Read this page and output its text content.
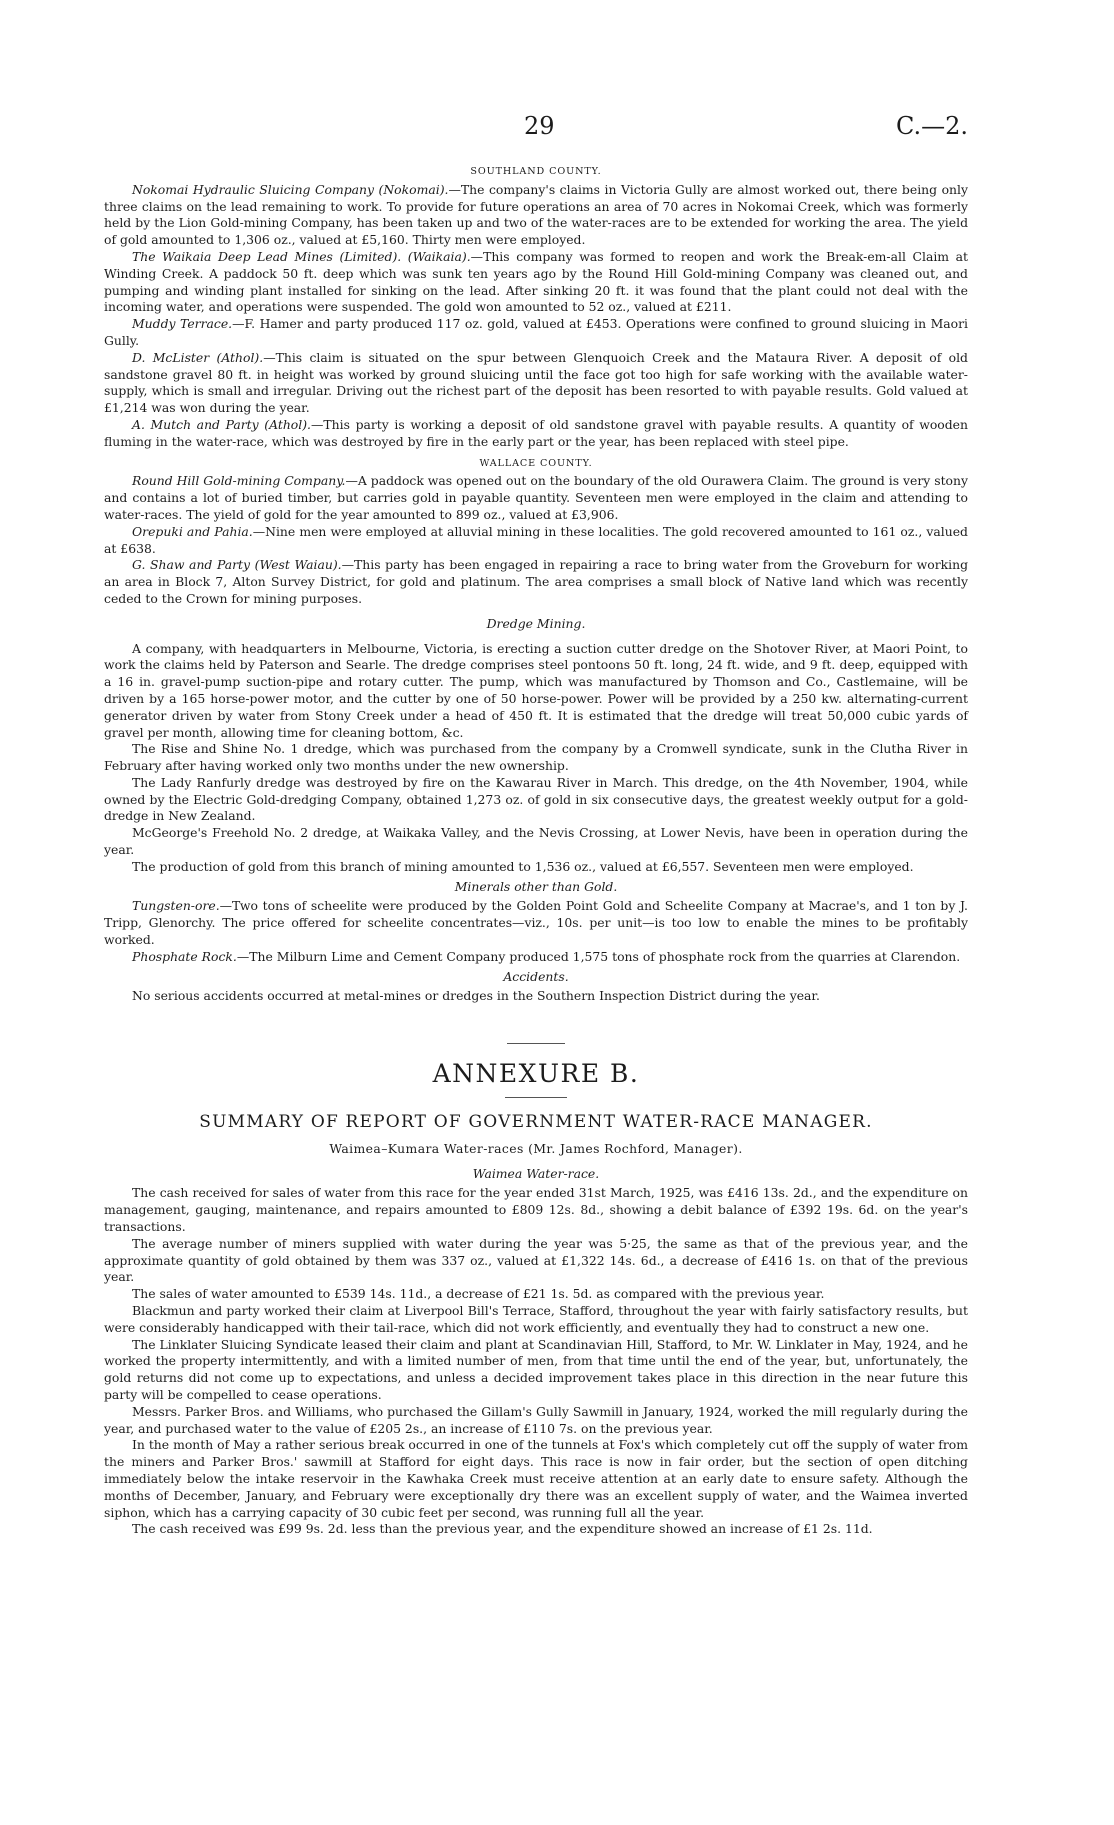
29	C.—2.

SOUTHLAND COUNTY.

Nokomai Hydraulic Sluicing Company (Nokomai).—The company's claims in Victoria Gully are almost worked out, there being only three claims on the lead remaining to work. To provide for future operations an area of 70 acres in Nokomai Creek, which was formerly held by the Lion Gold-mining Company, has been taken up and two of the water-races are to be extended for working the area. The yield of gold amounted to 1,306 oz., valued at £5,160. Thirty men were employed.

The Waikaia Deep Lead Mines (Limited). (Waikaia).—This company was formed to reopen and work the Break-em-all Claim at Winding Creek. A paddock 50 ft. deep which was sunk ten years ago by the Round Hill Gold-mining Company was cleaned out, and pumping and winding plant installed for sinking on the lead. After sinking 20 ft. it was found that the plant could not deal with the incoming water, and operations were suspended. The gold won amounted to 52 oz., valued at £211.

Muddy Terrace.—F. Hamer and party produced 117 oz. gold, valued at £453. Operations were confined to ground sluicing in Maori Gully.

D. McLister (Athol).—This claim is situated on the spur between Glenquoich Creek and the Mataura River. A deposit of old sandstone gravel 80 ft. in height was worked by ground sluicing until the face got too high for safe working with the available water-supply, which is small and irregular. Driving out the richest part of the deposit has been resorted to with payable results. Gold valued at £1,214 was won during the year.

A. Mutch and Party (Athol).—This party is working a deposit of old sandstone gravel with payable results. A quantity of wooden fluming in the water-race, which was destroyed by fire in the early part or the year, has been replaced with steel pipe.

WALLACE COUNTY.

Round Hill Gold-mining Company.—A paddock was opened out on the boundary of the old Ourawera Claim. The ground is very stony and contains a lot of buried timber, but carries gold in payable quantity. Seventeen men were employed in the claim and attending to water-races. The yield of gold for the year amounted to 899 oz., valued at £3,906.

Orepuki and Pahia.—Nine men were employed at alluvial mining in these localities. The gold recovered amounted to 161 oz., valued at £638.

G. Shaw and Party (West Waiau).—This party has been engaged in repairing a race to bring water from the Groveburn for working an area in Block 7, Alton Survey District, for gold and platinum. The area comprises a small block of Native land which was recently ceded to the Crown for mining purposes.

Dredge Mining.

A company, with headquarters in Melbourne, Victoria, is erecting a suction cutter dredge on the Shotover River, at Maori Point, to work the claims held by Paterson and Searle. The dredge comprises steel pontoons 50 ft. long, 24 ft. wide, and 9 ft. deep, equipped with a 16 in. gravel-pump suction-pipe and rotary cutter. The pump, which was manufactured by Thomson and Co., Castlemaine, will be driven by a 165 horse-power motor, and the cutter by one of 50 horse-power. Power will be provided by a 250 kw. alternating-current generator driven by water from Stony Creek under a head of 450 ft. It is estimated that the dredge will treat 50,000 cubic yards of gravel per month, allowing time for cleaning bottom, &c.

The Rise and Shine No. 1 dredge, which was purchased from the company by a Cromwell syndicate, sunk in the Clutha River in February after having worked only two months under the new ownership.

The Lady Ranfurly dredge was destroyed by fire on the Kawarau River in March. This dredge, on the 4th November, 1904, while owned by the Electric Gold-dredging Company, obtained 1,273 oz. of gold in six consecutive days, the greatest weekly output for a gold-dredge in New Zealand.

McGeorge's Freehold No. 2 dredge, at Waikaka Valley, and the Nevis Crossing, at Lower Nevis, have been in operation during the year.

The production of gold from this branch of mining amounted to 1,536 oz., valued at £6,557. Seventeen men were employed.

Minerals other than Gold.

Tungsten-ore.—Two tons of scheelite were produced by the Golden Point Gold and Scheelite Company at Macrae's, and 1 ton by J. Tripp, Glenorchy. The price offered for scheelite concentrates—viz., 10s. per unit—is too low to enable the mines to be profitably worked.

Phosphate Rock.—The Milburn Lime and Cement Company produced 1,575 tons of phosphate rock from the quarries at Clarendon.

Accidents.

No serious accidents occurred at metal-mines or dredges in the Southern Inspection District during the year.

ANNEXURE B.

SUMMARY OF REPORT OF GOVERNMENT WATER-RACE MANAGER.

Waimea–Kumara Water-races (Mr. James Rochford, Manager).

Waimea Water-race.

The cash received for sales of water from this race for the year ended 31st March, 1925, was £416 13s. 2d., and the expenditure on management, gauging, maintenance, and repairs amounted to £809 12s. 8d., showing a debit balance of £392 19s. 6d. on the year's transactions.

The average number of miners supplied with water during the year was 5·25, the same as that of the previous year, and the approximate quantity of gold obtained by them was 337 oz., valued at £1,322 14s. 6d., a decrease of £416 1s. on that of the previous year.

The sales of water amounted to £539 14s. 11d., a decrease of £21 1s. 5d. as compared with the previous year.

Blackmun and party worked their claim at Liverpool Bill's Terrace, Stafford, throughout the year with fairly satisfactory results, but were considerably handicapped with their tail-race, which did not work efficiently, and eventually they had to construct a new one.

The Linklater Sluicing Syndicate leased their claim and plant at Scandinavian Hill, Stafford, to Mr. W. Linklater in May, 1924, and he worked the property intermittently, and with a limited number of men, from that time until the end of the year, but, unfortunately, the gold returns did not come up to expectations, and unless a decided improvement takes place in this direction in the near future this party will be compelled to cease operations.

Messrs. Parker Bros. and Williams, who purchased the Gillam's Gully Sawmill in January, 1924, worked the mill regularly during the year, and purchased water to the value of £205 2s., an increase of £110 7s. on the previous year.

In the month of May a rather serious break occurred in one of the tunnels at Fox's which completely cut off the supply of water from the miners and Parker Bros.' sawmill at Stafford for eight days. This race is now in fair order, but the section of open ditching immediately below the intake reservoir in the Kawhaka Creek must receive attention at an early date to ensure safety. Although the months of December, January, and February were exceptionally dry there was an excellent supply of water, and the Waimea inverted siphon, which has a carrying capacity of 30 cubic feet per second, was running full all the year.

The cash received was £99 9s. 2d. less than the previous year, and the expenditure showed an increase of £1 2s. 11d.
